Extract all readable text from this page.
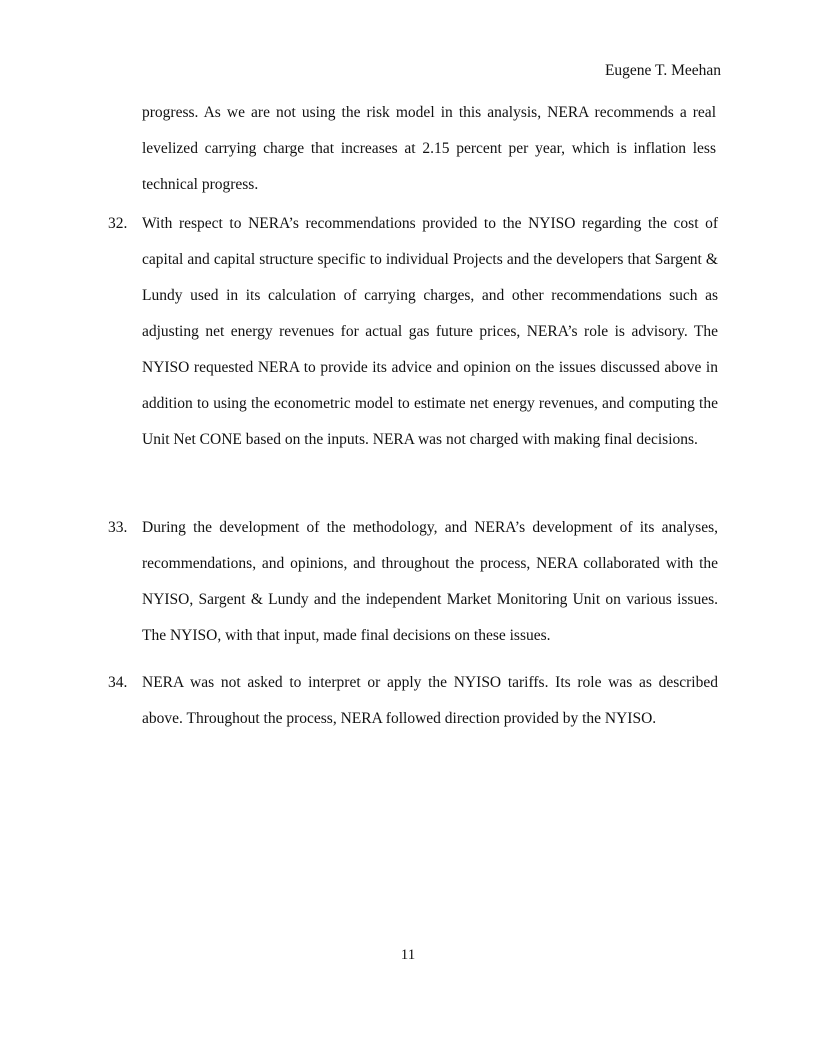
Eugene T. Meehan
progress. As we are not using the risk model in this analysis, NERA recommends a real levelized carrying charge that increases at 2.15 percent per year, which is inflation less technical progress.
32. With respect to NERA’s recommendations provided to the NYISO regarding the cost of capital and capital structure specific to individual Projects and the developers that Sargent & Lundy used in its calculation of carrying charges, and other recommendations such as adjusting net energy revenues for actual gas future prices, NERA’s role is advisory. The NYISO requested NERA to provide its advice and opinion on the issues discussed above in addition to using the econometric model to estimate net energy revenues, and computing the Unit Net CONE based on the inputs. NERA was not charged with making final decisions.
33. During the development of the methodology, and NERA’s development of its analyses, recommendations, and opinions, and throughout the process, NERA collaborated with the NYISO, Sargent & Lundy and the independent Market Monitoring Unit on various issues. The NYISO, with that input, made final decisions on these issues.
34. NERA was not asked to interpret or apply the NYISO tariffs. Its role was as described above. Throughout the process, NERA followed direction provided by the NYISO.
11
